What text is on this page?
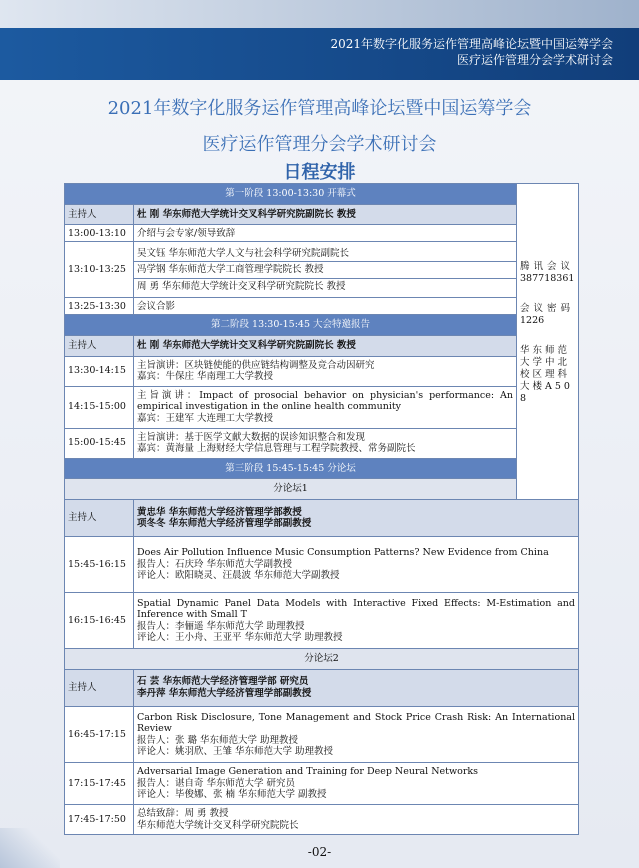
2021年数字化服务运作管理高峰论坛暨中国运筹学会
医疗运作管理分会学术研讨会
2021年数字化服务运作管理高峰论坛暨中国运筹学会
医疗运作管理分会学术研讨会
日程安排
第一阶段 13:00-13:30 开幕式		腾讯会议
387718361
会议密码
1226
华东师范大学中北校区理科大楼A508

主持人	杜 刚 华东师范大学统计交叉科学研究院副院长 教授	
13:00-13:10	介绍与会专家/领导致辞	
13:10-13:25	吴文钰 华东师范大学人文与社会科学研究院副院长
冯学钢 华东师范大学工商管理学院院长 教授
周 勇 华东师范大学统计交叉科学研究院院长 教授	

13:25-13:30	会议合影	
第二阶段 13:30-15:45 大会特邀报告		
主持人	杜 刚 华东师范大学统计交叉科学研究院副院长 教授	
13:30-14:15	主旨演讲：区块链使能的供应链结构调整及竞合动因研究
嘉宾：牛保庄 华南理工大学教授	

14:15-15:00	主旨演讲：Impact of prosocial behavior on physician's performance: An empirical investigation in the online health community
嘉宾：王建军 大连理工大学教授	

15:00-15:45	主旨演讲：基于医学文献大数据的误诊知识整合和发现
嘉宾：黄海量 上海财经大学信息管理与工程学院教授、常务副院长	

第三阶段 15:45-15:45 分论坛		
分论坛1		
主持人	黄忠华 华东师范大学经济管理学部教授
项冬冬 华东师范大学经济管理学部副教授	

15:45-16:15	Does Air Pollution Influence Music Consumption Patterns? New Evidence from China
报告人：石庆玲 华东师范大学副教授
评论人：欧阳晓灵、汪晨波 华东师范大学副教授	

16:15-16:45	Spatial Dynamic Panel Data Models with Interactive Fixed Effects: M-Estimation and Inference with Small T
报告人：李俪遥 华东师范大学 助理教授
评论人：王小舟、王亚平 华东师范大学 助理教授	

分论坛2		
主持人	石 芸 华东师范大学经济管理学部 研究员
李丹萍 华东师范大学经济管理学部副教授	

16:45-17:15	Carbon Risk Disclosure, Tone Management and Stock Price Crash Risk: An International Review
报告人：张 璐 华东师范大学 助理教授
评论人：姚羽欣、王雏 华东师范大学 助理教授	

17:15-17:45	Adversarial Image Generation and Training for Deep Neural Networks
报告人：谌自奇 华东师范大学 研究员
评论人：毕俊娜、张 楠 华东师范大学 副教授	

17:45-17:50	总结致辞：周 勇 教授
华东师范大学统计交叉科学研究院院长	
-02-
